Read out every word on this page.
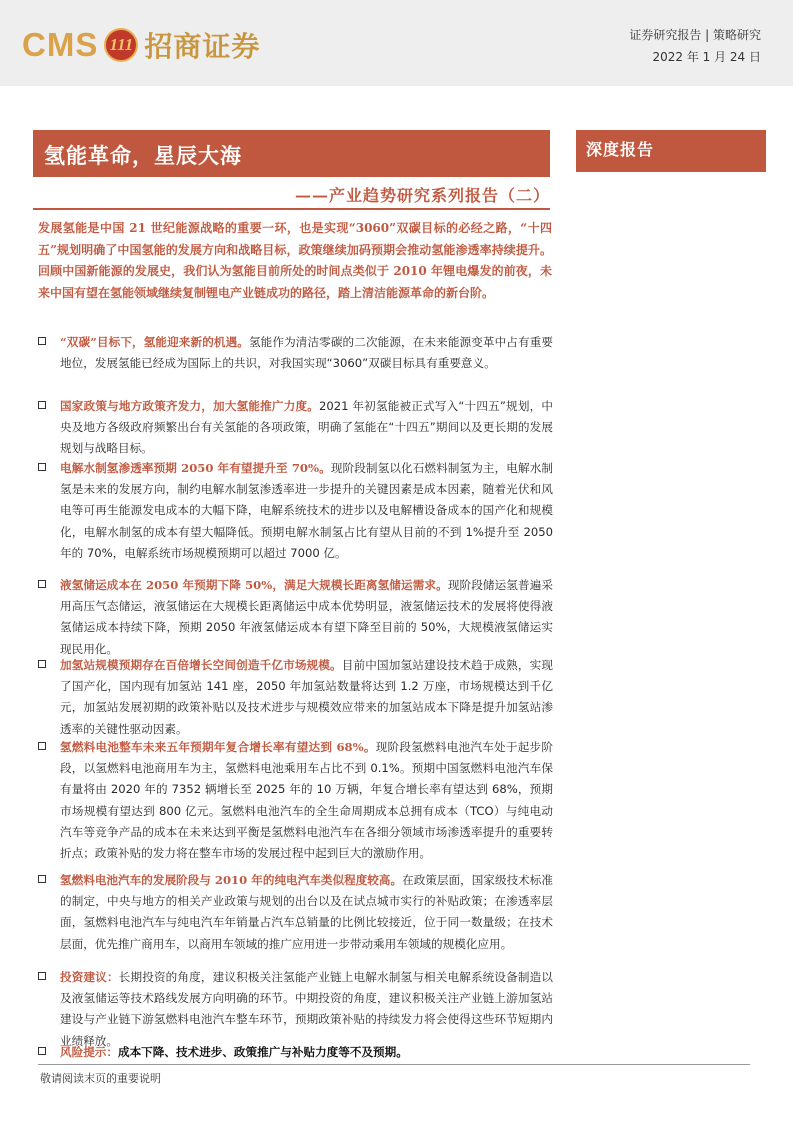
CMS 111 招商证券	证券研究报告 | 策略研究
2022 年 1 月 24 日
氢能革命，星辰大海
——产业趋势研究系列报告（二）
深度报告
发展氢能是中国 21 世纪能源战略的重要一环，也是实现“3060”双碳目标的必经之路，“十四五”规划明确了中国氢能的发展方向和战略目标，政策继续加码预期会推动氢能渗透率持续提升。回顾中国新能源的发展史，我们认为氢能目前所处的时间点类似于 2010 年锂电爆发的前夜，未来中国有望在氢能领域继续复制锂电产业链成功的路径，踏上清洁能源革命的新台阶。
“双碳”目标下，氢能迎来新的机遇。氢能作为清洁零碳的二次能源，在未来能源变革中占有重要地位，发展氢能已经成为国际上的共识，对我国实现“3060”双碳目标具有重要意义。
国家政策与地方政策齐发力，加大氢能推广力度。2021 年初氢能被正式写入“十四五”规划，中央及地方各级政府频繁出台有关氢能的各项政策，明确了氢能在“十四五”期间以及更长期的发展规划与战略目标。
电解水制氢渗透率预期 2050 年有望提升至 70%。现阶段制氢以化石燃料制氢为主，电解水制氢是未来的发展方向，制约电解水制氢渗透率进一步提升的关键因素是成本因素，随着光伏和风电等可再生能源发电成本的大幅下降，电解系统技术的进步以及电解槽设备成本的国产化和规模化，电解水制氢的成本有望大幅降低。预期电解水制氢占比有望从目前的不到 1%提升至 2050 年的 70%，电解系统市场规模预期可以超过 7000 亿。
液氢储运成本在 2050 年预期下降 50%，满足大规模长距离氢储运需求。现阶段储运氢普遍采用高压气态储运，液氢储运在大规模长距离储运中成本优势明显，液氢储运技术的发展将使得液氢储运成本持续下降，预期 2050 年液氢储运成本有望下降至目前的 50%，大规模液氢储运实现民用化。
加氢站规模预期存在百倍增长空间创造千亿市场规模。目前中国加氢站建设技术趋于成熟，实现了国产化，国内现有加氢站 141 座，2050 年加氢站数量将达到 1.2 万座，市场规模达到千亿元，加氢站发展初期的政策补贴以及技术进步与规模效应带来的加氢站成本下降是提升加氢站渗透率的关键性驱动因素。
氢燃料电池整车未来五年预期年复合增长率有望达到 68%。现阶段氢燃料电池汽车处于起步阶段，以氢燃料电池商用车为主，氢燃料电池乘用车占比不到 0.1%。预期中国氢燃料电池汽车保有量将由 2020 年的 7352 辆增长至 2025 年的 10 万辆，年复合增长率有望达到 68%，预期市场规模有望达到 800 亿元。氢燃料电池汽车的全生命周期成本总拥有成本（TCO）与纯电动汽车等竞争产品的成本在未来达到平衡是氢燃料电池汽车在各细分领域市场渗透率提升的重要转折点；政策补贴的发力将在整车市场的发展过程中起到巨大的激励作用。
氢燃料电池汽车的发展阶段与 2010 年的纯电汽车类似程度较高。在政策层面，国家级技术标准的制定，中央与地方的相关产业政策与规划的出台以及在试点城市实行的补贴政策；在渗透率层面，氢燃料电池汽车与纯电汽车年销量占汽车总销量的比例比较接近，位于同一数量级；在技术层面，优先推广商用车，以商用车领域的推广应用进一步带动乘用车领域的规模化应用。
投资建议：长期投资的角度，建议积极关注氢能产业链上电解水制氢与相关电解系统设备制造以及液氢储运等技术路线发展方向明确的环节。中期投资的角度，建议积极关注产业链上游加氢站建设与产业链下游氢燃料电池汽车整车环节，预期政策补贴的持续发力将会使得这些环节短期内业绩释放。
风险提示：成本下降、技术进步、政策推广与补贴力度等不及预期。
敬请阅读末页的重要说明
